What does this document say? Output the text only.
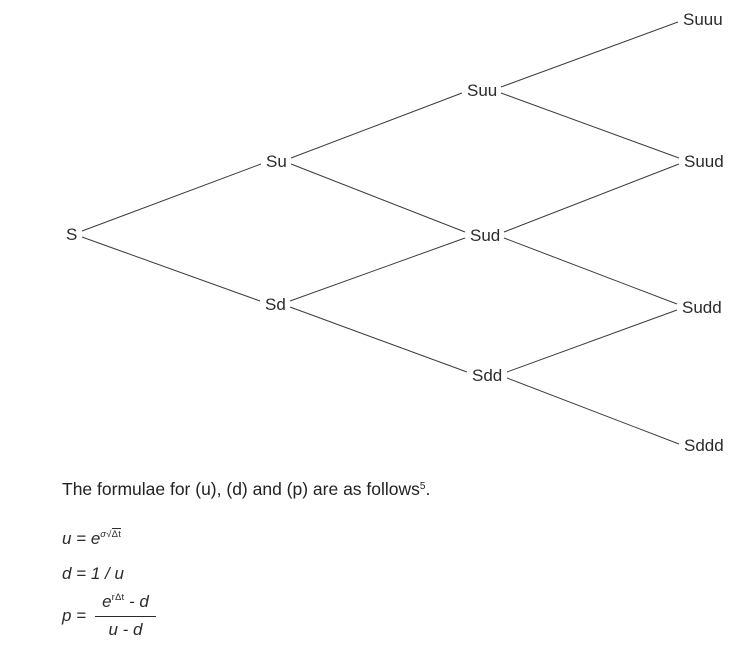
S
Su
Sd
Suu
Sud
Sdd
Suuu
Suud
Sudd
Sddd
The formulae for (u), (d) and (p) are as follows$^5$.
$u = e^{\sigma√\Delta t}$
d = 1 / u
$p = \frac{e^{r\Delta t} - d}{u - d}$
